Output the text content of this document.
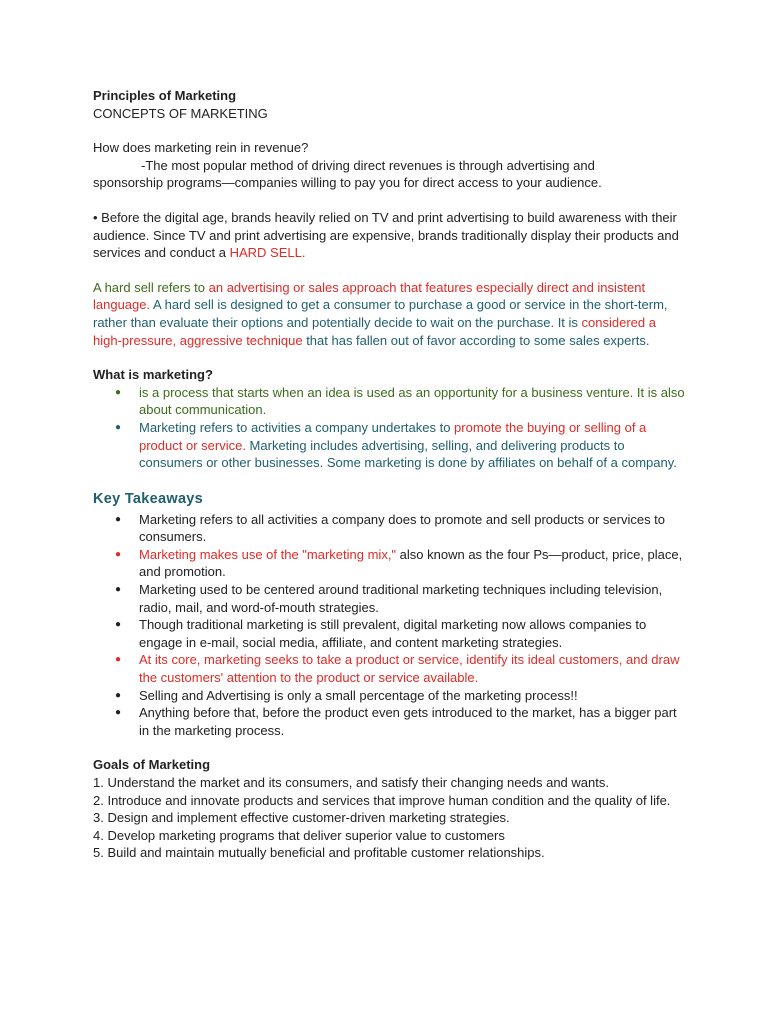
Principles of Marketing

CONCEPTS OF MARKETING

How does marketing rein in revenue?

-The most popular method of driving direct revenues is through advertising and

sponsorship programs—companies willing to pay you for direct access to your audience.

• Before the digital age, brands heavily relied on TV and print advertising to build awareness with their audience. Since TV and print advertising are expensive, brands traditionally display their products and services and conduct a HARD SELL.

A hard sell refers to an advertising or sales approach that features especially direct and insistent language. A hard sell is designed to get a consumer to purchase a good or service in the short-term, rather than evaluate their options and potentially decide to wait on the purchase. It is considered a high-pressure, aggressive technique that has fallen out of favor according to some sales experts.

What is marketing?

● is a process that starts when an idea is used as an opportunity for a business venture. It is also about communication.
● Marketing refers to activities a company undertakes to promote the buying or selling of a product or service. Marketing includes advertising, selling, and delivering products to consumers or other businesses. Some marketing is done by affiliates on behalf of a company.

Key Takeaways

● Marketing refers to all activities a company does to promote and sell products or services to consumers.
● Marketing makes use of the "marketing mix," also known as the four Ps—product, price, place, and promotion.
● Marketing used to be centered around traditional marketing techniques including television, radio, mail, and word-of-mouth strategies.
● Though traditional marketing is still prevalent, digital marketing now allows companies to engage in e-mail, social media, affiliate, and content marketing strategies.
● At its core, marketing seeks to take a product or service, identify its ideal customers, and draw the customers' attention to the product or service available.
● Selling and Advertising is only a small percentage of the marketing process!!
● Anything before that, before the product even gets introduced to the market, has a bigger part in the marketing process.

Goals of Marketing

1. Understand the market and its consumers, and satisfy their changing needs and wants.

2. Introduce and innovate products and services that improve human condition and the quality of life.

3. Design and implement effective customer-driven marketing strategies.

4. Develop marketing programs that deliver superior value to customers

5. Build and maintain mutually beneficial and profitable customer relationships.
